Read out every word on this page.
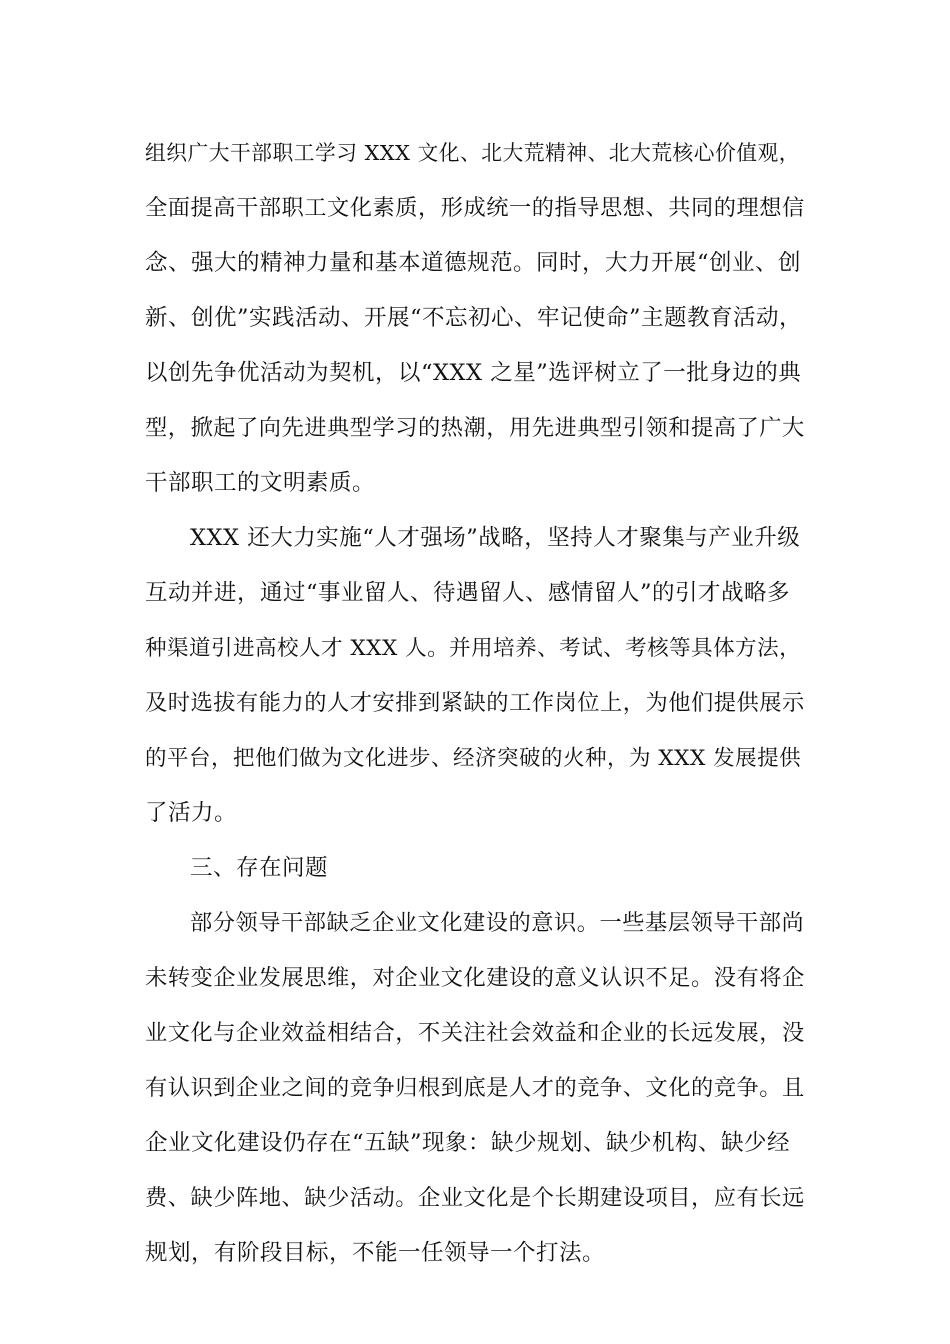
组织广大干部职工学习 XXX 文化、北大荒精神、北大荒核心价值观，
全面提高干部职工文化素质，形成统一的指导思想、共同的理想信
念、强大的精神力量和基本道德规范。同时，大力开展“创业、创
新、创优”实践活动、开展“不忘初心、牢记使命”主题教育活动，
以创先争优活动为契机，以“XXX 之星”选评树立了一批身边的典
型，掀起了向先进典型学习的热潮，用先进典型引领和提高了广大
干部职工的文明素质。
XXX 还大力实施“人才强场”战略，坚持人才聚集与产业升级
互动并进，通过“事业留人、待遇留人、感情留人”的引才战略多
种渠道引进高校人才 XXX 人。并用培养、考试、考核等具体方法，
及时选拔有能力的人才安排到紧缺的工作岗位上，为他们提供展示
的平台，把他们做为文化进步、经济突破的火种，为 XXX 发展提供
了活力。
三、存在问题
部分领导干部缺乏企业文化建设的意识。一些基层领导干部尚
未转变企业发展思维，对企业文化建设的意义认识不足。没有将企
业文化与企业效益相结合，不关注社会效益和企业的长远发展，没
有认识到企业之间的竞争归根到底是人才的竞争、文化的竞争。且
企业文化建设仍存在“五缺”现象：缺少规划、缺少机构、缺少经
费、缺少阵地、缺少活动。企业文化是个长期建设项目，应有长远
规划，有阶段目标，不能一任领导一个打法。
